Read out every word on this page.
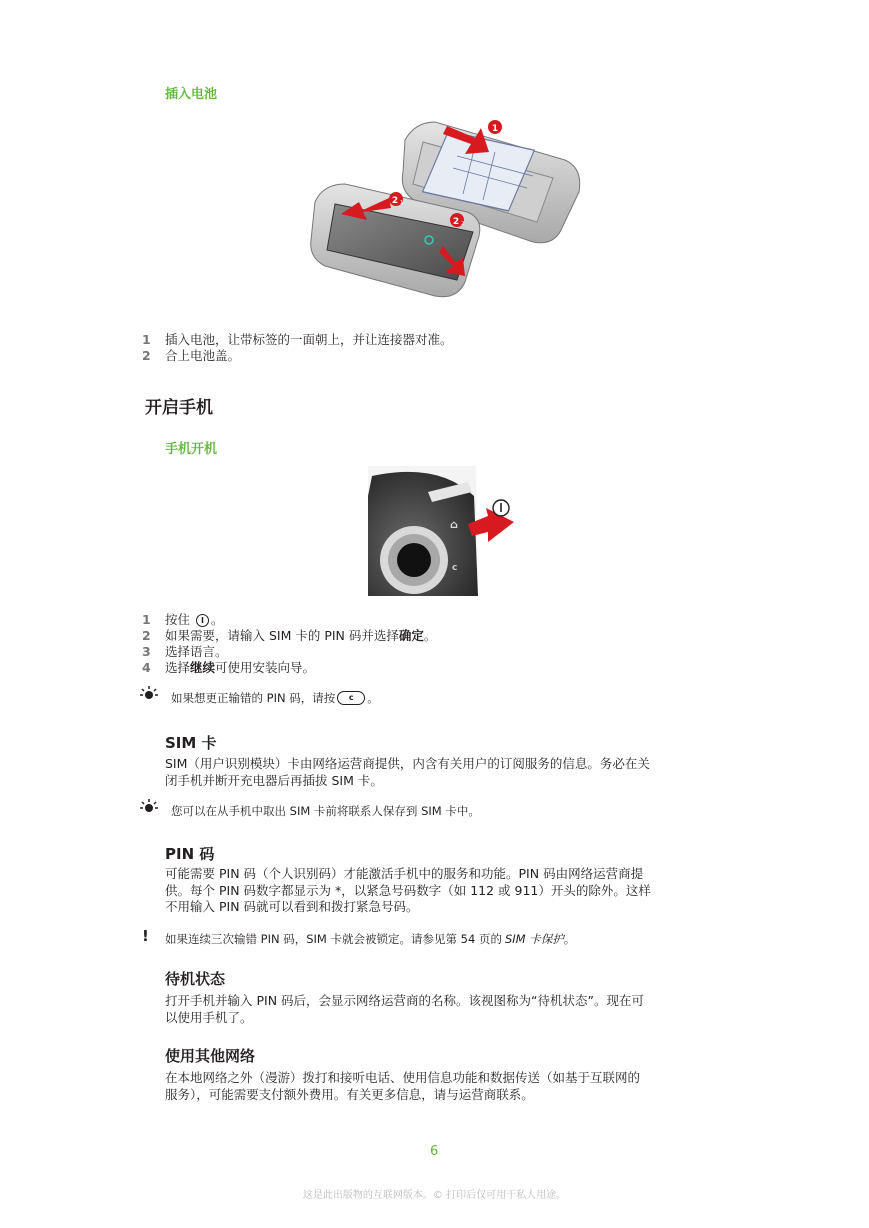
插入电池
1
2 1
2 2
1	插入电池，让带标签的一面朝上，并让连接器对准。
2	合上电池盖。
开启手机
手机开机
⌂
c
1	按住 I 。
2	如果需要，请输入 SIM 卡的 PIN 码并选择确定。
3	选择语言。
4	选择继续可使用安装向导。
如果想更正输错的 PIN 码，请按	c	。
SIM 卡
SIM（用户识别模块）卡由网络运营商提供，内含有关用户的订阅服务的信息。务必在关
闭手机并断开充电器后再插拔 SIM 卡。
您可以在从手机中取出 SIM 卡前将联系人保存到 SIM 卡中。
PIN 码
可能需要 PIN 码（个人识别码）才能激活手机中的服务和功能。PIN 码由网络运营商提
供。每个 PIN 码数字都显示为 *，以紧急号码数字（如 112 或 911）开头的除外。这样
不用输入 PIN 码就可以看到和拨打紧急号码。
! 如果连续三次输错 PIN 码，SIM 卡就会被锁定。请参见第 54 页的 SIM 卡保护 。
待机状态
打开手机并输入 PIN 码后，会显示网络运营商的名称。该视图称为“待机状态”。现在可
以使用手机了。
使用其他网络
在本地网络之外（漫游）拨打和接听电话、使用信息功能和数据传送（如基于互联网的
服务），可能需要支付额外费用。有关更多信息，请与运营商联系。
6
这是此出版物的互联网版本。© 打印后仅可用于私人用途。
